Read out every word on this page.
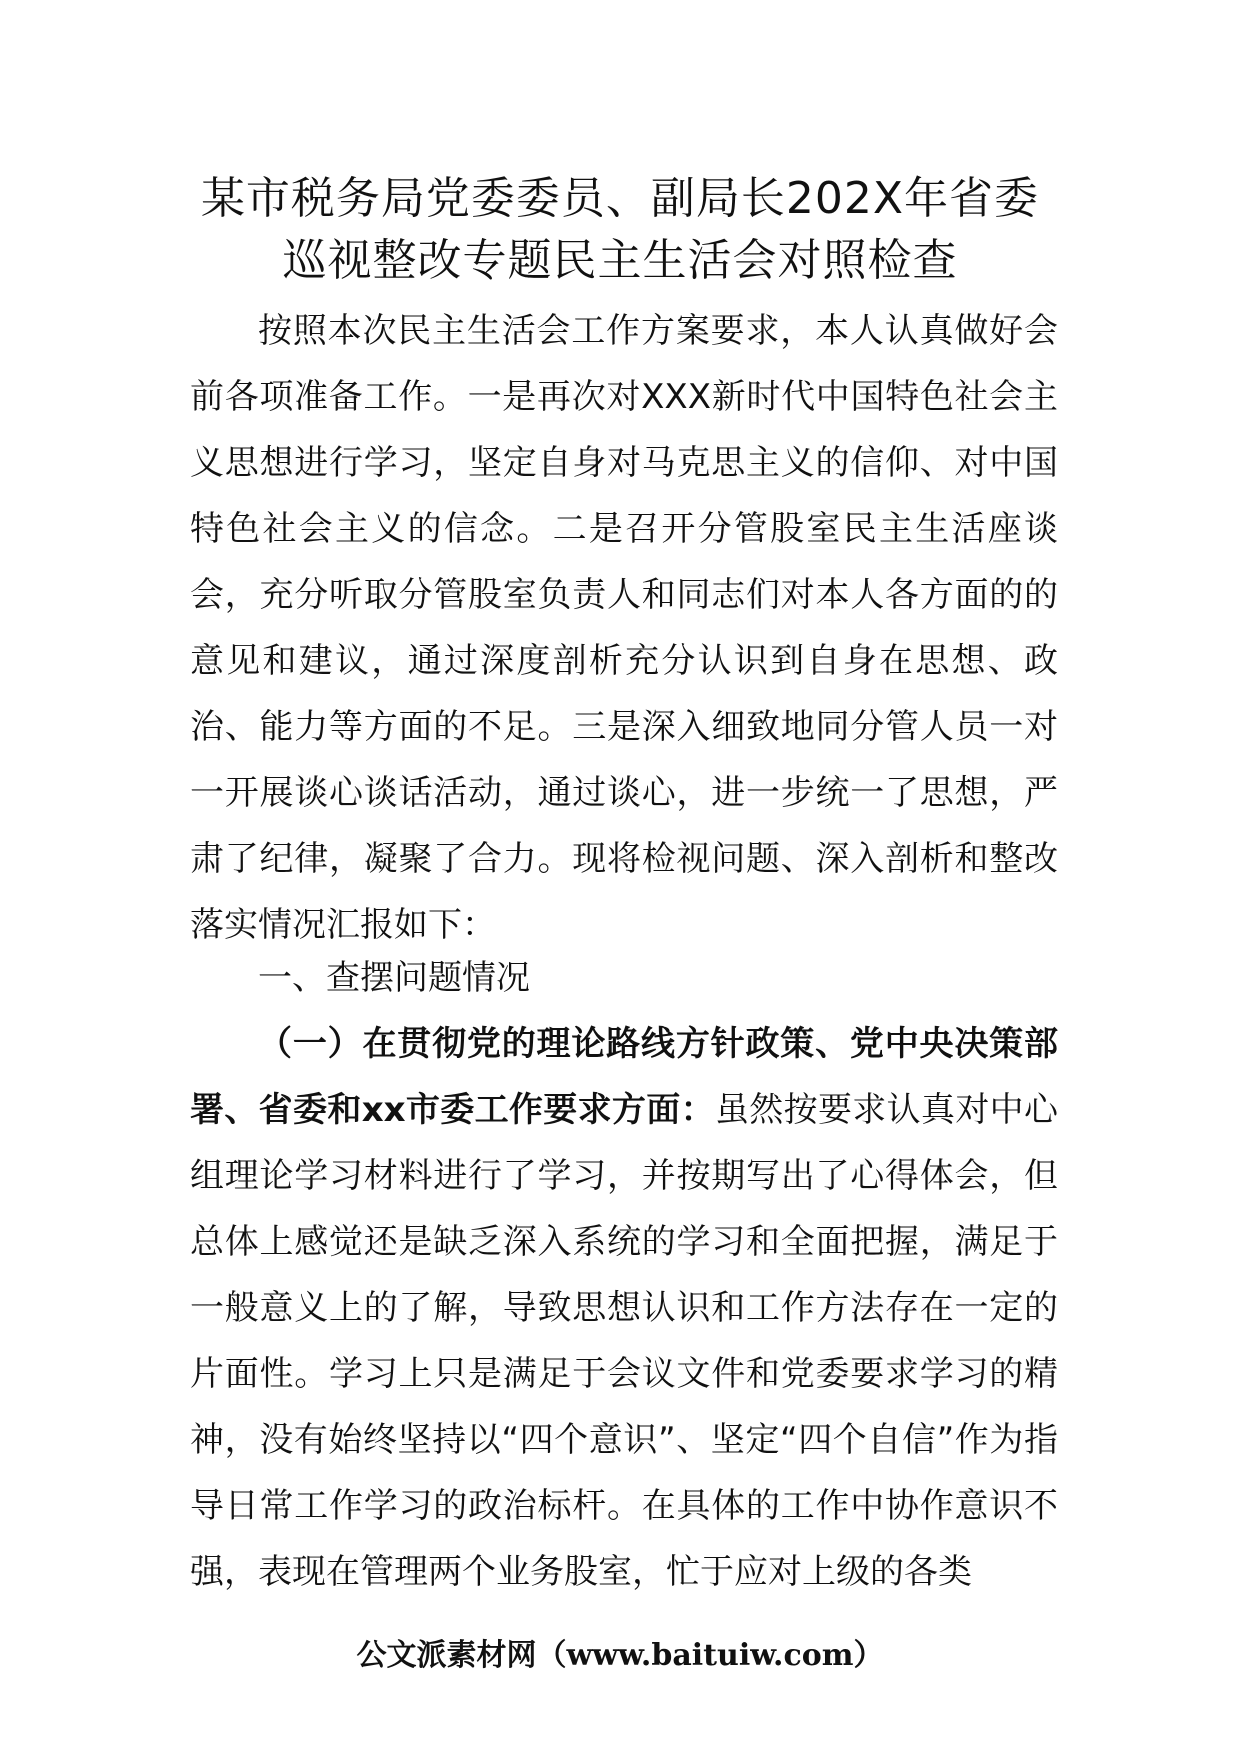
某市税务局党委委员、副局长202X年省委
巡视整改专题民主生活会对照检查
按照本次民主生活会工作方案要求，本人认真做好会前各项准备工作。一是再次对XXX新时代中国特色社会主义思想进行学习，坚定自身对马克思主义的信仰、对中国特色社会主义的信念。二是召开分管股室民主生活座谈会，充分听取分管股室负责人和同志们对本人各方面的的意见和建议，通过深度剖析充分认识到自身在思想、政治、能力等方面的不足。三是深入细致地同分管人员一对一开展谈心谈话活动，通过谈心，进一步统一了思想，严肃了纪律，凝聚了合力。现将检视问题、深入剖析和整改落实情况汇报如下：
一、查摆问题情况
（一）在贯彻党的理论路线方针政策、党中央决策部署、省委和xx市委工作要求方面：虽然按要求认真对中心组理论学习材料进行了学习，并按期写出了心得体会，但总体上感觉还是缺乏深入系统的学习和全面把握，满足于一般意义上的了解，导致思想认识和工作方法存在一定的片面性。学习上只是满足于会议文件和党委要求学习的精神，没有始终坚持以“四个意识”、坚定“四个自信”作为指导日常工作学习的政治标杆。在具体的工作中协作意识不强，表现在管理两个业务股室，忙于应对上级的各类
公文派素材网（www.baituiw.com）
